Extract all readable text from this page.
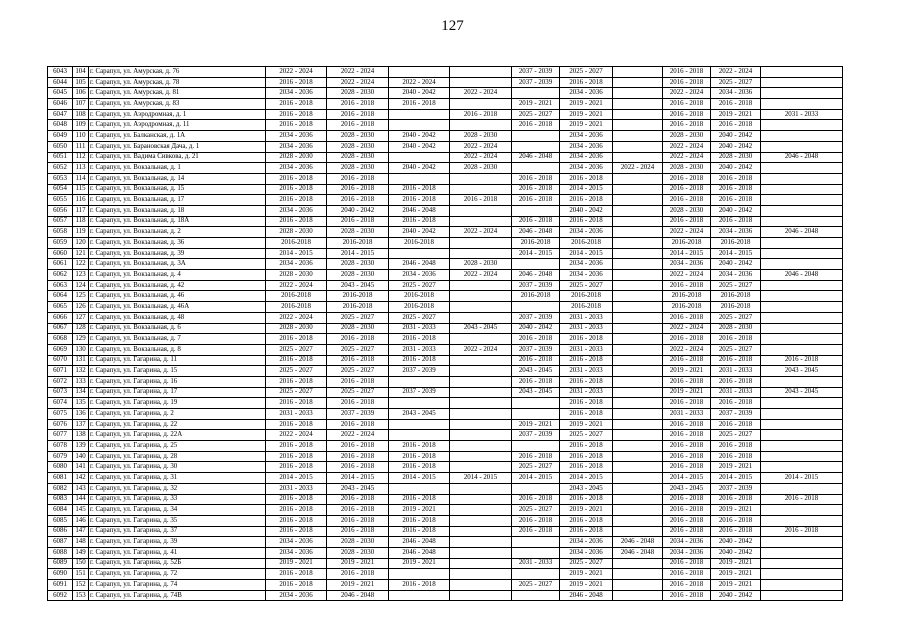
127
6043	104	г. Сарапул, ул. Амурская, д. 76	2022 - 2024	2022 - 2024			2037 - 2039	2025 - 2027		2016 - 2018	2022 - 2024	
6044	105	г. Сарапул, ул. Амурская, д. 78	2016 - 2018	2022 - 2024	2022 - 2024		2037 - 2039	2016 - 2018		2016 - 2018	2025 - 2027	
6045	106	г. Сарапул, ул. Амурская, д. 81	2034 - 2036	2028 - 2030	2040 - 2042	2022 - 2024		2034 - 2036		2022 - 2024	2034 - 2036	
6046	107	г. Сарапул, ул. Амурская, д. 83	2016 - 2018	2016 - 2018	2016 - 2018		2019 - 2021	2019 - 2021		2016 - 2018	2016 - 2018	
6047	108	г. Сарапул, ул. Аэродромная, д. 1	2016 - 2018	2016 - 2018		2016 - 2018	2025 - 2027	2019 - 2021		2016 - 2018	2019 - 2021	2031 - 2033
6048	109	г. Сарапул, ул. Аэродромная, д. 11	2016 - 2018	2016 - 2018			2016 - 2018	2019 - 2021		2016 - 2018	2016 - 2018	
6049	110	г. Сарапул, ул. Балканская, д. 1А	2034 - 2036	2028 - 2030	2040 - 2042	2028 - 2030		2034 - 2036		2028 - 2030	2040 - 2042	
6050	111	г. Сарапул, ул. Барановская Дача, д. 1	2034 - 2036	2028 - 2030	2040 - 2042	2022 - 2024		2034 - 2036		2022 - 2024	2040 - 2042	
6051	112	г. Сарапул, ул. Вадима Сивкова, д. 21	2028 - 2030	2028 - 2030		2022 - 2024	2046 - 2048	2034 - 2036		2022 - 2024	2028 - 2030	2046 - 2048
6052	113	г. Сарапул, ул. Вокзальная, д. 1	2034 - 2036	2028 - 2030	2040 - 2042	2028 - 2030		2034 - 2036	2022 - 2024	2028 - 2030	2040 - 2042	
6053	114	г. Сарапул, ул. Вокзальная, д. 14	2016 - 2018	2016 - 2018			2016 - 2018	2016 - 2018		2016 - 2018	2016 - 2018	
6054	115	г. Сарапул, ул. Вокзальная, д. 15	2016 - 2018	2016 - 2018	2016 - 2018		2016 - 2018	2014 - 2015		2016 - 2018	2016 - 2018	
6055	116	г. Сарапул, ул. Вокзальная, д. 17	2016 - 2018	2016 - 2018	2016 - 2018	2016 - 2018	2016 - 2018	2016 - 2018		2016 - 2018	2016 - 2018	
6056	117	г. Сарапул, ул. Вокзальная, д. 18	2034 - 2036	2040 - 2042	2046 - 2048			2040 - 2042		2028 - 2030	2040 - 2042	
6057	118	г. Сарапул, ул. Вокзальная, д. 18А	2016 - 2018	2016 - 2018	2016 - 2018		2016 - 2018	2016 - 2018		2016 - 2018	2016 - 2018	
6058	119	г. Сарапул, ул. Вокзальная, д. 2	2028 - 2030	2028 - 2030	2040 - 2042	2022 - 2024	2046 - 2048	2034 - 2036		2022 - 2024	2034 - 2036	2046 - 2048
6059	120	г. Сарапул, ул. Вокзальная, д. 36	2016-2018	2016-2018	2016-2018		2016-2018	2016-2018		2016-2018	2016-2018	
6060	121	г. Сарапул, ул. Вокзальная, д. 39	2014 - 2015	2014 - 2015			2014 - 2015	2014 - 2015		2014 - 2015	2014 - 2015	
6061	122	г. Сарапул, ул. Вокзальная, д. 3А	2034 - 2036	2028 - 2030	2046 - 2048	2028 - 2030		2034 - 2036		2034 - 2036	2040 - 2042	
6062	123	г. Сарапул, ул. Вокзальная, д. 4	2028 - 2030	2028 - 2030	2034 - 2036	2022 - 2024	2046 - 2048	2034 - 2036		2022 - 2024	2034 - 2036	2046 - 2048
6063	124	г. Сарапул, ул. Вокзальная, д. 42	2022 - 2024	2043 - 2045	2025 - 2027		2037 - 2039	2025 - 2027		2016 - 2018	2025 - 2027	
6064	125	г. Сарапул, ул. Вокзальная, д. 46	2016-2018	2016-2018	2016-2018		2016-2018	2016-2018		2016-2018	2016-2018	
6065	126	г. Сарапул, ул. Вокзальная, д. 46А	2016-2018	2016-2018	2016-2018			2016-2018		2016-2018	2016-2018	
6066	127	г. Сарапул, ул. Вокзальная, д. 48	2022 - 2024	2025 - 2027	2025 - 2027		2037 - 2039	2031 - 2033		2016 - 2018	2025 - 2027	
6067	128	г. Сарапул, ул. Вокзальная, д. 6	2028 - 2030	2028 - 2030	2031 - 2033	2043 - 2045	2040 - 2042	2031 - 2033		2022 - 2024	2028 - 2030	
6068	129	г. Сарапул, ул. Вокзальная, д. 7	2016 - 2018	2016 - 2018	2016 - 2018		2016 - 2018	2016 - 2018		2016 - 2018	2016 - 2018	
6069	130	г. Сарапул, ул. Вокзальная, д. 8	2025 - 2027	2025 - 2027	2031 - 2033	2022 - 2024	2037 - 2039	2031 - 2033		2022 - 2024	2025 - 2027	
6070	131	г. Сарапул, ул. Гагарина, д. 11	2016 - 2018	2016 - 2018	2016 - 2018		2016 - 2018	2016 - 2018		2016 - 2018	2016 - 2018	2016 - 2018
6071	132	г. Сарапул, ул. Гагарина, д. 15	2025 - 2027	2025 - 2027	2037 - 2039		2043 - 2045	2031 - 2033		2019 - 2021	2031 - 2033	2043 - 2045
6072	133	г. Сарапул, ул. Гагарина, д. 16	2016 - 2018	2016 - 2018			2016 - 2018	2016 - 2018		2016 - 2018	2016 - 2018	
6073	134	г. Сарапул, ул. Гагарина, д. 17	2025 - 2027	2025 - 2027	2037 - 2039		2043 - 2045	2031 - 2033		2019 - 2021	2031 - 2033	2043 - 2045
6074	135	г. Сарапул, ул. Гагарина, д. 19	2016 - 2018	2016 - 2018				2016 - 2018		2016 - 2018	2016 - 2018	
6075	136	г. Сарапул, ул. Гагарина, д. 2	2031 - 2033	2037 - 2039	2043 - 2045			2016 - 2018		2031 - 2033	2037 - 2039	
6076	137	г. Сарапул, ул. Гагарина, д. 22	2016 - 2018	2016 - 2018			2019 - 2021	2019 - 2021		2016 - 2018	2016 - 2018	
6077	138	г. Сарапул, ул. Гагарина, д. 22А	2022 - 2024	2022 - 2024			2037 - 2039	2025 - 2027		2016 - 2018	2025 - 2027	
6078	139	г. Сарапул, ул. Гагарина, д. 25	2016 - 2018	2016 - 2018	2016 - 2018			2016 - 2018		2016 - 2018	2016 - 2018	
6079	140	г. Сарапул, ул. Гагарина, д. 28	2016 - 2018	2016 - 2018	2016 - 2018		2016 - 2018	2016 - 2018		2016 - 2018	2016 - 2018	
6080	141	г. Сарапул, ул. Гагарина, д. 30	2016 - 2018	2016 - 2018	2016 - 2018		2025 - 2027	2016 - 2018		2016 - 2018	2019 - 2021	
6081	142	г. Сарапул, ул. Гагарина, д. 31	2014 - 2015	2014 - 2015	2014 - 2015	2014 - 2015	2014 - 2015	2014 - 2015		2014 - 2015	2014 - 2015	2014 - 2015
6082	143	г. Сарапул, ул. Гагарина, д. 32	2031 - 2033	2043 - 2045				2043 - 2045		2043 - 2045	2037 - 2039	
6083	144	г. Сарапул, ул. Гагарина, д. 33	2016 - 2018	2016 - 2018	2016 - 2018		2016 - 2018	2016 - 2018		2016 - 2018	2016 - 2018	2016 - 2018
6084	145	г. Сарапул, ул. Гагарина, д. 34	2016 - 2018	2016 - 2018	2019 - 2021		2025 - 2027	2019 - 2021		2016 - 2018	2019 - 2021	
6085	146	г. Сарапул, ул. Гагарина, д. 35	2016 - 2018	2016 - 2018	2016 - 2018		2016 - 2018	2016 - 2018		2016 - 2018	2016 - 2018	
6086	147	г. Сарапул, ул. Гагарина, д. 37	2016 - 2018	2016 - 2018	2016 - 2018		2016 - 2018	2016 - 2018		2016 - 2018	2016 - 2018	2016 - 2018
6087	148	г. Сарапул, ул. Гагарина, д. 39	2034 - 2036	2028 - 2030	2046 - 2048			2034 - 2036	2046 - 2048	2034 - 2036	2040 - 2042	
6088	149	г. Сарапул, ул. Гагарина, д. 41	2034 - 2036	2028 - 2030	2046 - 2048			2034 - 2036	2046 - 2048	2034 - 2036	2040 - 2042	
6089	150	г. Сарапул, ул. Гагарина, д. 52Б	2019 - 2021	2019 - 2021	2019 - 2021		2031 - 2033	2025 - 2027		2016 - 2018	2019 - 2021	
6090	151	г. Сарапул, ул. Гагарина, д. 72	2016 - 2018	2016 - 2018				2019 - 2021		2016 - 2018	2019 - 2021	
6091	152	г. Сарапул, ул. Гагарина, д. 74	2016 - 2018	2019 - 2021	2016 - 2018		2025 - 2027	2019 - 2021		2016 - 2018	2019 - 2021	
6092	153	г. Сарапул, ул. Гагарина, д. 74В	2034 - 2036	2046 - 2048				2046 - 2048		2016 - 2018	2040 - 2042	
